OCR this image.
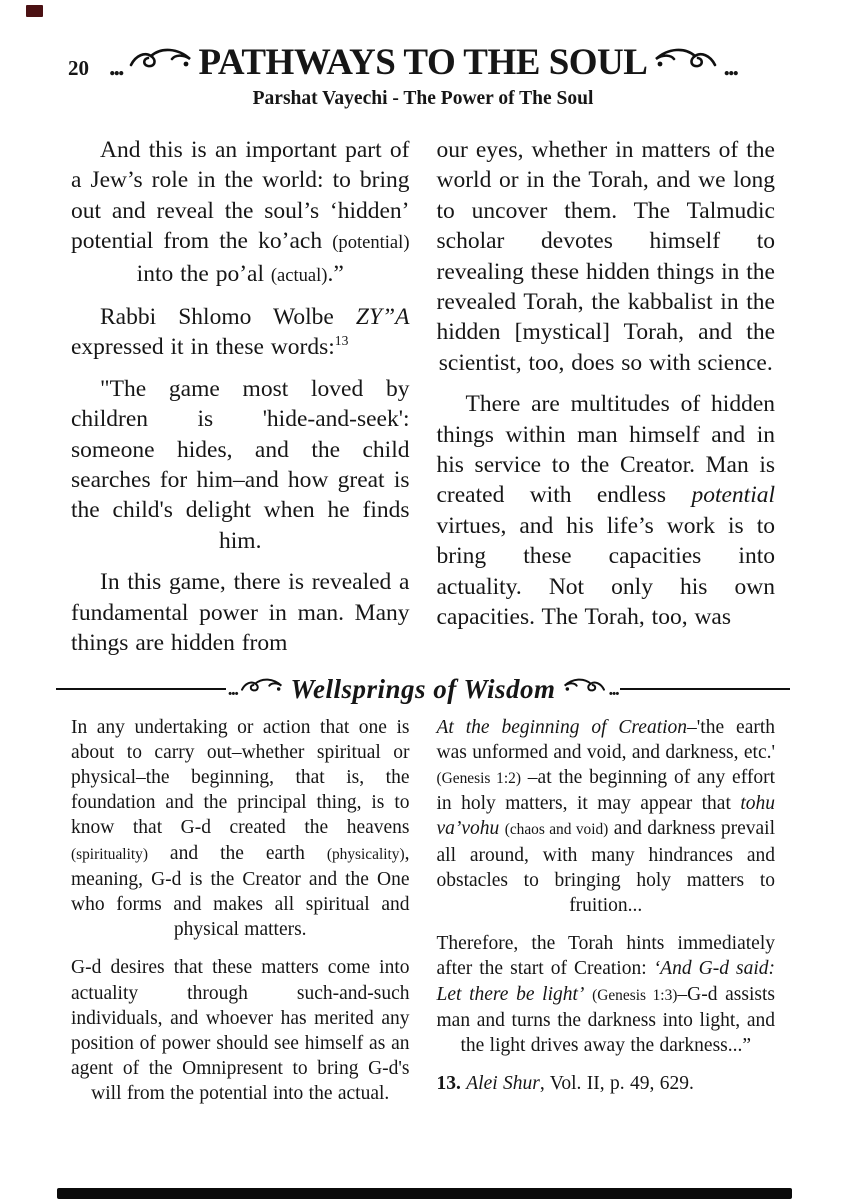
20 ... PATHWAYS TO THE SOUL	...
Parshat Vayechi - The Power of The Soul

And this is an important part of a Jew’s role in the world: to bring out and reveal the soul’s ‘hidden’ potential from the ko’ach (potential) into the po’al (actual).”

Rabbi Shlomo Wolbe ZY”A expressed it in these words:$^{13}$

"The game most loved by children is 'hide-and-seek': someone hides, and the child searches for him–and how great is the child's delight when he finds him.

In this game, there is revealed a fundamental power in man. Many things are hidden from

our eyes, whether in matters of the world or in the Torah, and we long to uncover them. The Talmudic scholar devotes himself to revealing these hidden things in the revealed Torah, the kabbalist in the hidden [mystical] Torah, and the scientist, too, does so with science.

There are multitudes of hidden things within man himself and in his service to the Creator. Man is created with endless potential virtues, and his life’s work is to bring these capacities into actuality. Not only his own capacities. The Torah, too, was

... Wellsprings of Wisdom	...

In any undertaking or action that one is about to carry out–whether spiritual or physical–the beginning, that is, the foundation and the principal thing, is to know that G-d created the heavens (spirituality) and the earth (physicality), meaning, G-d is the Creator and the One who forms and makes all spiritual and physical matters.

G-d desires that these matters come into actuality through such-and-such individuals, and whoever has merited any position of power should see himself as an agent of the Omnipresent to bring G-d's will from the potential into the actual.

At the beginning of Creation–'the earth was unformed and void, and darkness, etc.' (Genesis 1:2) –at the beginning of any effort in holy matters, it may appear that tohu va’vohu (chaos and void) and darkness prevail all around, with many hindrances and obstacles to bringing holy matters to fruition...

Therefore, the Torah hints immediately after the start of Creation: ‘And G-d said: Let there be light’ (Genesis 1:3)–G-d assists man and turns the darkness into light, and the light drives away the darkness...”

13. Alei Shur, Vol. II, p. 49, 629.
